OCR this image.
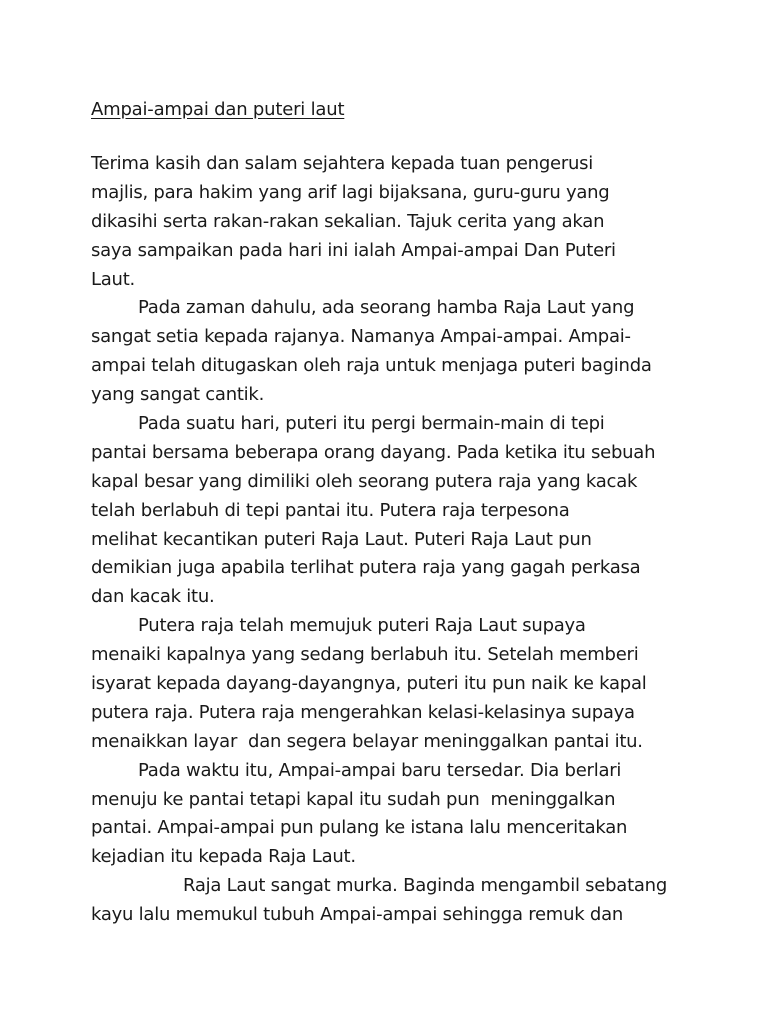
Ampai-ampai dan puteri laut
Terima kasih dan salam sejahtera kepada tuan pengerusi
majlis, para hakim yang arif lagi bijaksana, guru-guru yang
dikasihi serta rakan-rakan sekalian. Tajuk cerita yang akan
saya sampaikan pada hari ini ialah Ampai-ampai Dan Puteri
Laut.
Pada zaman dahulu, ada seorang hamba Raja Laut yang
sangat setia kepada rajanya. Namanya Ampai-ampai. Ampai-
ampai telah ditugaskan oleh raja untuk menjaga puteri baginda
yang sangat cantik.
Pada suatu hari, puteri itu pergi bermain-main di tepi
pantai bersama beberapa orang dayang. Pada ketika itu sebuah
kapal besar yang dimiliki oleh seorang putera raja yang kacak
telah berlabuh di tepi pantai itu. Putera raja terpesona
melihat kecantikan puteri Raja Laut. Puteri Raja Laut pun
demikian juga apabila terlihat putera raja yang gagah perkasa
dan kacak itu.
Putera raja telah memujuk puteri Raja Laut supaya
menaiki kapalnya yang sedang berlabuh itu. Setelah memberi
isyarat kepada dayang-dayangnya, puteri itu pun naik ke kapal
putera raja. Putera raja mengerahkan kelasi-kelasinya supaya
menaikkan layar  dan segera belayar meninggalkan pantai itu.
Pada waktu itu, Ampai-ampai baru tersedar. Dia berlari
menuju ke pantai tetapi kapal itu sudah pun  meninggalkan
pantai. Ampai-ampai pun pulang ke istana lalu menceritakan
kejadian itu kepada Raja Laut.
Raja Laut sangat murka. Baginda mengambil sebatang
kayu lalu memukul tubuh Ampai-ampai sehingga remuk dan
